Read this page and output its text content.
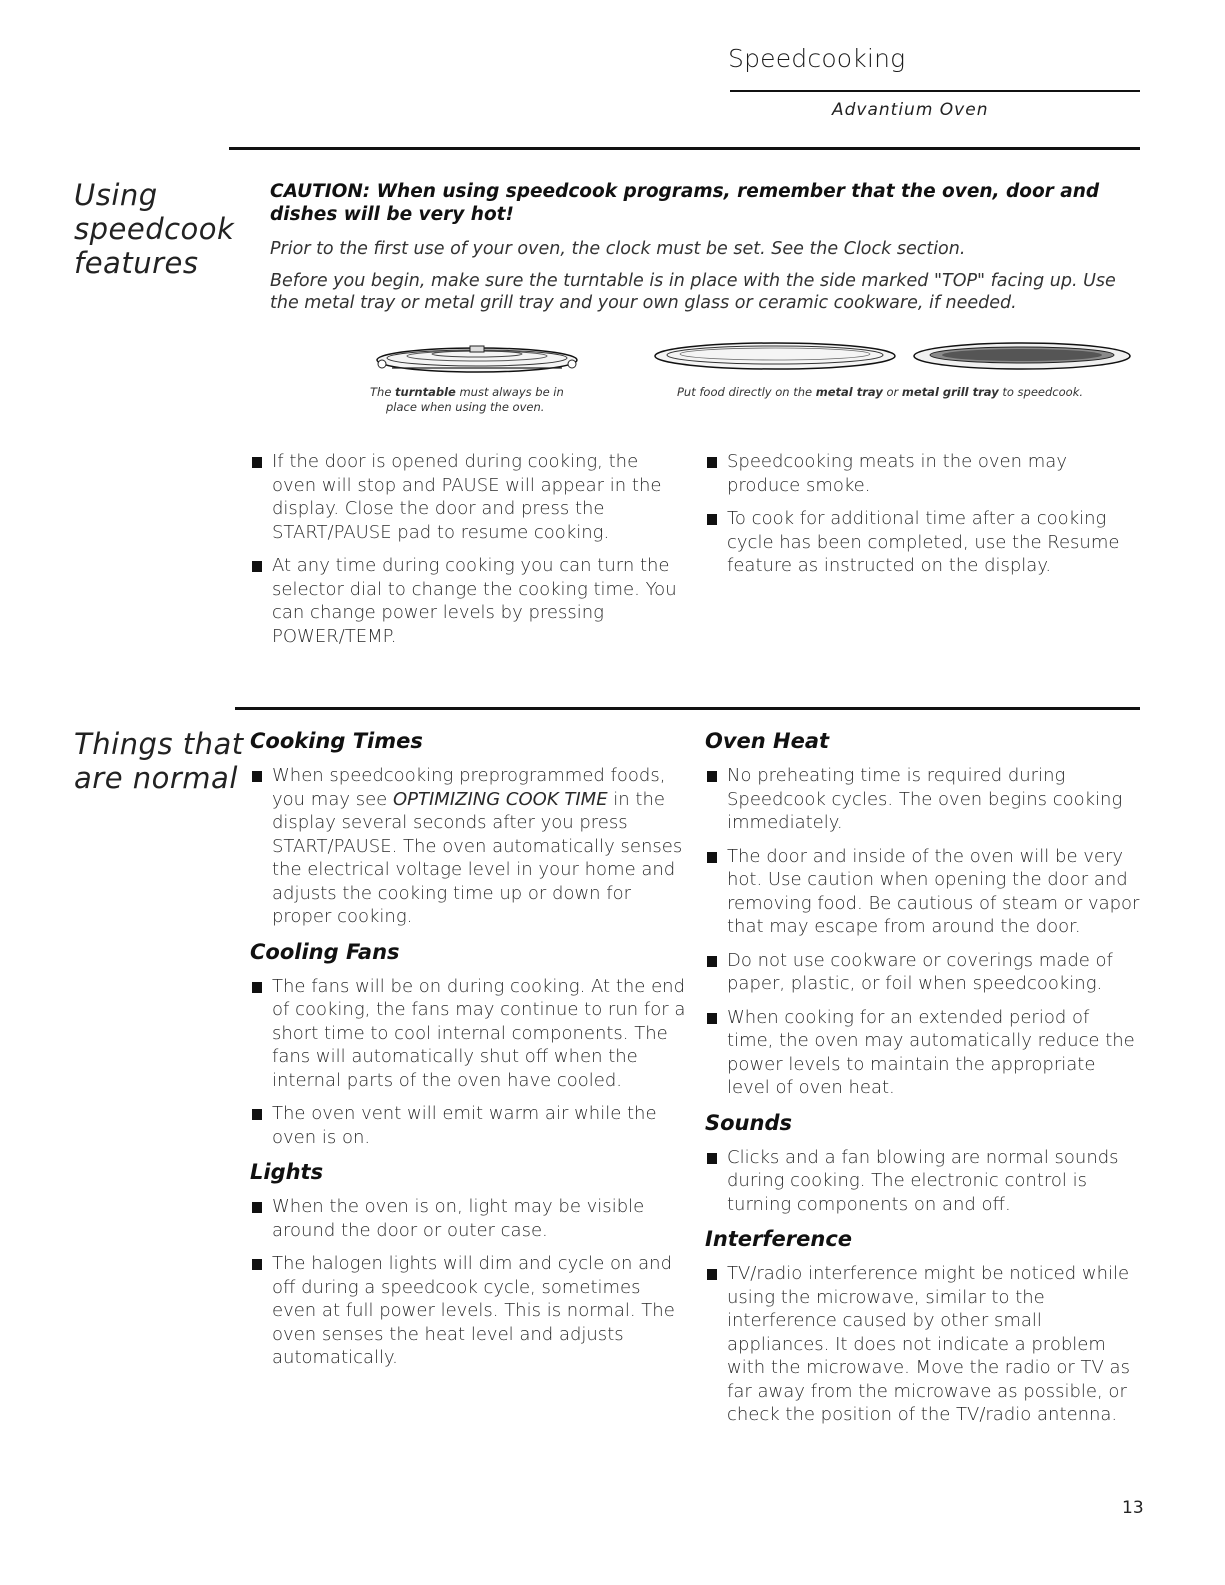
Speedcooking
Advantium Oven
Using
speedcook
features
CAUTION: When using speedcook programs, remember that the oven, door and dishes will be very hot!
Prior to the first use of your oven, the clock must be set. See the Clock section.
Before you begin, make sure the turntable is in place with the side marked "TOP" facing up. Use the metal tray or metal grill tray and your own glass or ceramic cookware, if needed.
The turntable must always be in
place when using the oven.
Put food directly on the metal tray or metal grill tray to speedcook.
If the door is opened during cooking, the oven will stop and PAUSE will appear in the display. Close the door and press the START/PAUSE pad to resume cooking.
At any time during cooking you can turn the selector dial to change the cooking time. You can change power levels by pressing POWER/TEMP.
Speedcooking meats in the oven may produce smoke.
To cook for additional time after a cooking cycle has been completed, use the Resume feature as instructed on the display.
Things that
are normal
Cooking Times
When speedcooking preprogrammed foods, you may see OPTIMIZING COOK TIME in the display several seconds after you press START/PAUSE. The oven automatically senses the electrical voltage level in your home and adjusts the cooking time up or down for proper cooking.
Cooling Fans
The fans will be on during cooking. At the end of cooking, the fans may continue to run for a short time to cool internal components. The fans will automatically shut off when the internal parts of the oven have cooled.
The oven vent will emit warm air while the oven is on.
Lights
When the oven is on, light may be visible around the door or outer case.
The halogen lights will dim and cycle on and off during a speedcook cycle, sometimes even at full power levels. This is normal. The oven senses the heat level and adjusts automatically.
Oven Heat
No preheating time is required during Speedcook cycles. The oven begins cooking immediately.
The door and inside of the oven will be very hot. Use caution when opening the door and removing food. Be cautious of steam or vapor that may escape from around the door.
Do not use cookware or coverings made of paper, plastic, or foil when speedcooking.
When cooking for an extended period of time, the oven may automatically reduce the power levels to maintain the appropriate level of oven heat.
Sounds
Clicks and a fan blowing are normal sounds during cooking. The electronic control is turning components on and off.
Interference
TV/radio interference might be noticed while using the microwave, similar to the interference caused by other small appliances. It does not indicate a problem with the microwave. Move the radio or TV as far away from the microwave as possible, or check the position of the TV/radio antenna.
13
